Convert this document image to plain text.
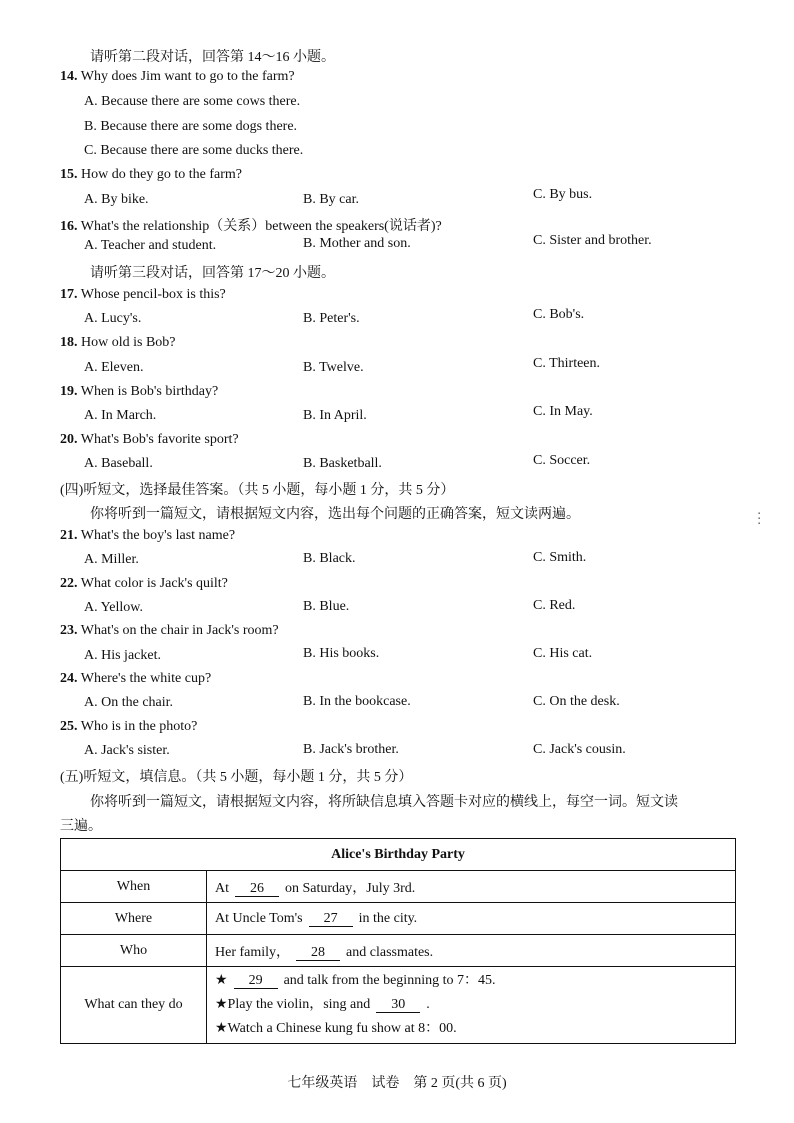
请听第二段对话，回答第 14～16 小题。
14. Why does Jim want to go to the farm?
A. Because there are some cows there.
B. Because there are some dogs there.
C. Because there are some ducks there.
15. How do they go to the farm?
A. By bike.	B. By car.	C. By bus.
16. What's the relationship（关系）between the speakers(说话者)?
A. Teacher and student.	B. Mother and son.	C. Sister and brother.
请听第三段对话，回答第 17～20 小题。
17. Whose pencil-box is this?
A. Lucy's.	B. Peter's.	C. Bob's.
18. How old is Bob?
A. Eleven.	B. Twelve.	C. Thirteen.
19. When is Bob's birthday?
A. In March.	B. In April.	C. In May.
20. What's Bob's favorite sport?
A. Baseball.	B. Basketball.	C. Soccer.
(四)听短文，选择最佳答案。（共 5 小题，每小题 1 分，共 5 分）
你将听到一篇短文，请根据短文内容，选出每个问题的正确答案，短文读两遍。	▪
▪
▪
21. What's the boy's last name?
A. Miller.	B. Black.	C. Smith.
22. What color is Jack's quilt?
A. Yellow.	B. Blue.	C. Red.
23. What's on the chair in Jack's room?
A. His jacket.	B. His books.	C. His cat.
24. Where's the white cup?
A. On the chair.	B. In the bookcase.	C. On the desk.
25. Who is in the photo?
A. Jack's sister.	B. Jack's brother.	C. Jack's cousin.
(五)听短文，填信息。（共 5 小题，每小题 1 分，共 5 分）
你将听到一篇短文，请根据短文内容，将所缺信息填入答题卡对应的横线上，每空一词。短文读
三遍。
Alice's Birthday Party	
When	At 26 on Saturday，July 3rd.
Where	At Uncle Tom's 27 in the city.
Who	Her family， 28 and classmates.
What can they do	★ 29 and talk from the beginning to 7：45.
★Play the violin，sing and 30 .
★Watch a Chinese kung fu show at 8：00.
七年级英语　试卷　第 2 页(共 6 页)
